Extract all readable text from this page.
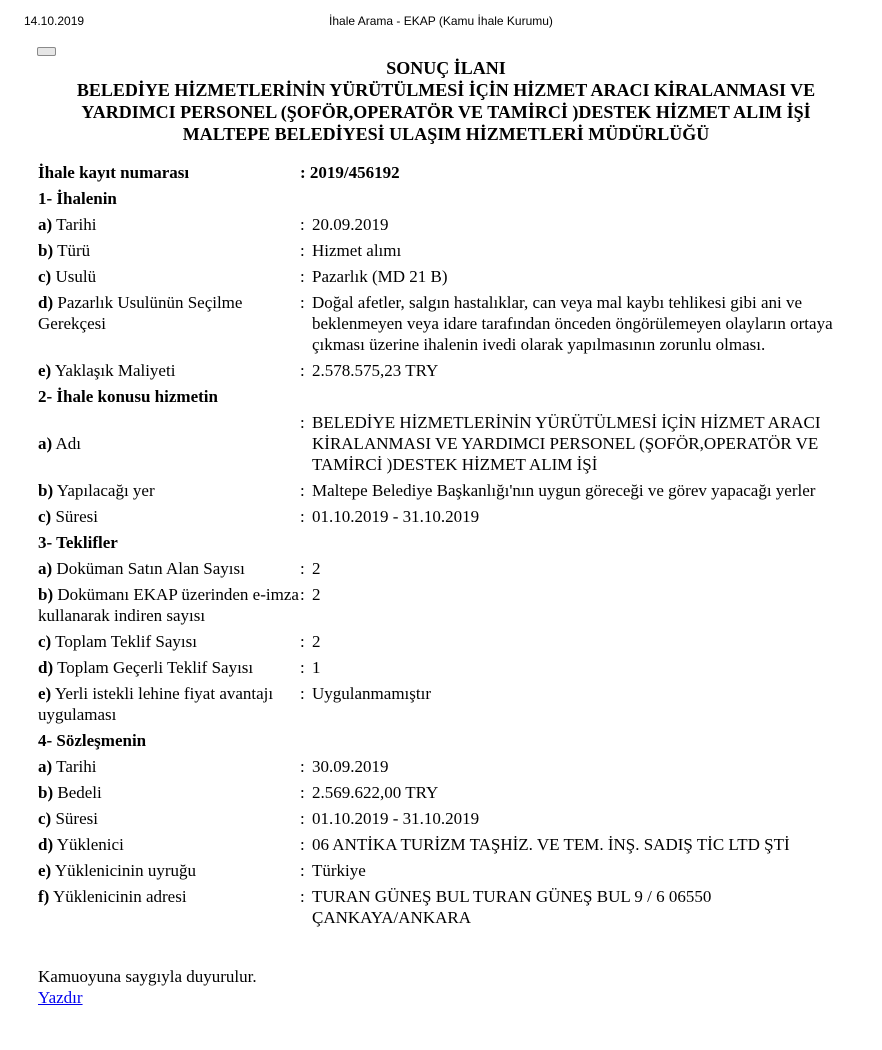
14.10.2019	İhale Arama - EKAP (Kamu İhale Kurumu)
SONUÇ İLANI
BELEDİYE HİZMETLERİNİN YÜRÜTÜLMESİ İÇİN HİZMET ARACI KİRALANMASI VE
YARDIMCI PERSONEL (ŞOFÖR,OPERATÖR VE TAMİRCİ )DESTEK HİZMET ALIM İŞİ
MALTEPE BELEDİYESİ ULAŞIM HİZMETLERİ MÜDÜRLÜĞÜ
İhale kayıt numarası	: 2019/456192
1- İhalenin	
a) Tarihi	: 20.09.2019
b) Türü	: Hizmet alımı
c) Usulü	: Pazarlık (MD 21 B)
d) Pazarlık Usulünün Seçilme Gerekçesi	: Doğal afetler, salgın hastalıklar, can veya mal kaybı tehlikesi gibi ani ve beklenmeyen veya idare tarafından önceden öngörülemeyen olayların ortaya çıkması üzerine ihalenin ivedi olarak yapılmasının zorunlu olması.
e) Yaklaşık Maliyeti	: 2.578.575,23 TRY
2- İhale konusu hizmetin	
a) Adı	: BELEDİYE HİZMETLERİNİN YÜRÜTÜLMESİ İÇİN HİZMET ARACI KİRALANMASI VE YARDIMCI PERSONEL (ŞOFÖR,OPERATÖR VE TAMİRCİ )DESTEK HİZMET ALIM İŞİ
b) Yapılacağı yer	: Maltepe Belediye Başkanlığı'nın uygun göreceği ve görev yapacağı yerler
c) Süresi	: 01.10.2019 - 31.10.2019
3- Teklifler	
a) Doküman Satın Alan Sayısı	: 2
b) Dokümanı EKAP üzerinden e-imza kullanarak indiren sayısı	: 2
c) Toplam Teklif Sayısı	: 2
d) Toplam Geçerli Teklif Sayısı	: 1
e) Yerli istekli lehine fiyat avantajı uygulaması	: Uygulanmamıştır
4- Sözleşmenin	
a) Tarihi	: 30.09.2019
b) Bedeli	: 2.569.622,00 TRY
c) Süresi	: 01.10.2019 - 31.10.2019
d) Yüklenici	: 06 ANTİKA TURİZM TAŞHİZ. VE TEM. İNŞ. SADIŞ TİC LTD ŞTİ
e) Yüklenicinin uyruğu	: Türkiye
f) Yüklenicinin adresi	: TURAN GÜNEŞ BUL TURAN GÜNEŞ BUL 9 / 6 06550 ÇANKAYA/ANKARA
Kamuoyuna saygıyla duyurulur.
Yazdır
